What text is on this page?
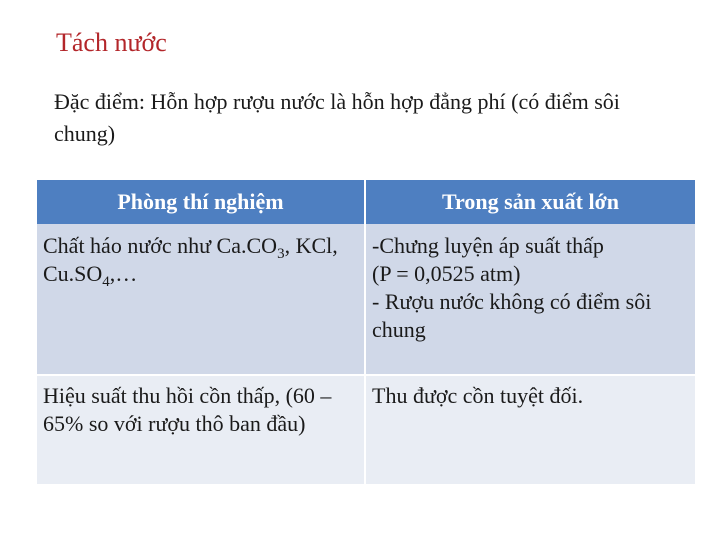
Tách nước
Đặc điểm: Hỗn hợp rượu nước là hỗn hợp đẳng phí (có điểm sôi chung)
Phòng thí nghiệm	Trong sản xuất lớn
Chất háo nước như $Ca.CO_3$, KCl, $Cu.SO_4,\dots$	-Chưng luyện áp suất thấp
(P = 0,0525 atm)
- Rượu nước không có điểm sôi chung

Hiệu suất thu hồi cồn thấp, (60 – 65% so với rượu thô ban đầu)	Thu được cồn tuyệt đối.
